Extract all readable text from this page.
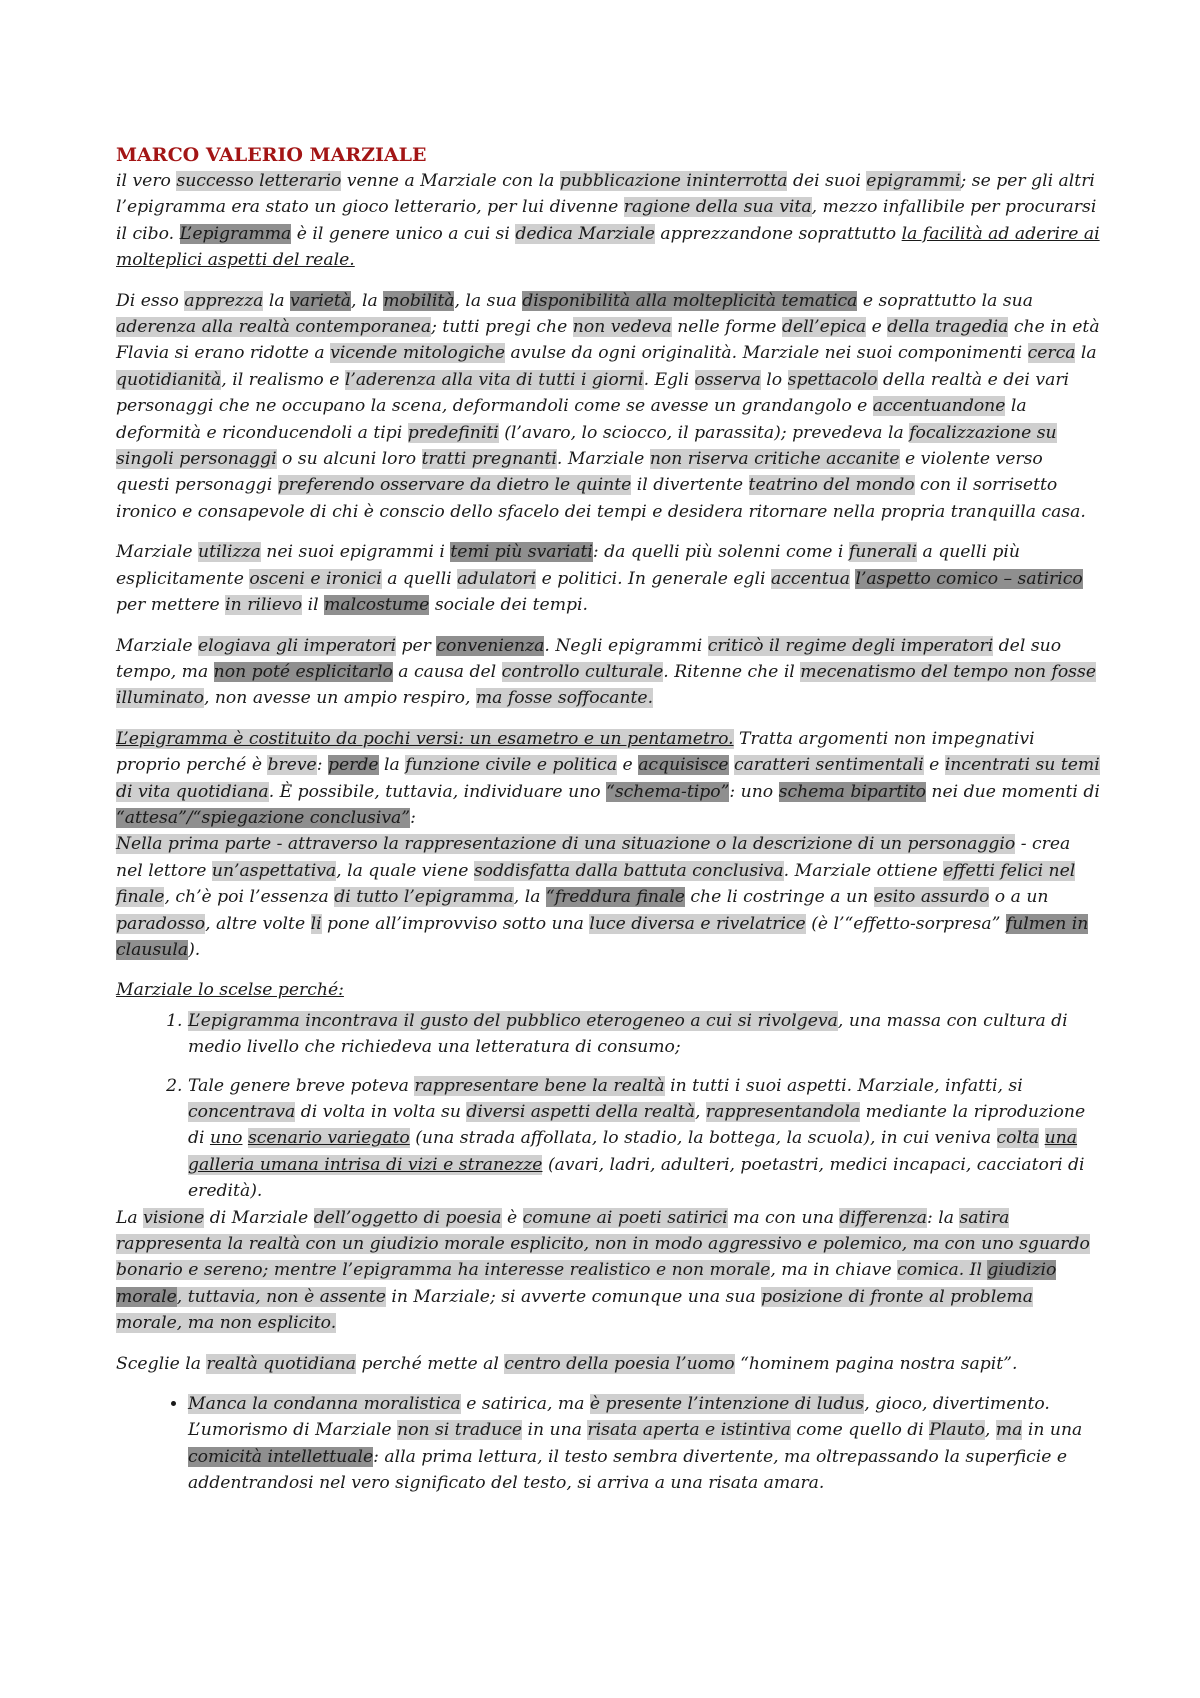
MARCO VALERIO MARZIALE

il vero successo letterario venne a Marziale con la pubblicazione ininterrotta dei suoi epigrammi; se per gli altri l’epigramma era stato un gioco letterario, per lui divenne ragione della sua vita, mezzo infallibile per procurarsi il cibo. L’epigramma è il genere unico a cui si dedica Marziale apprezzandone soprattutto la facilità ad aderire ai molteplici aspetti del reale.

Di esso apprezza la varietà, la mobilità, la sua disponibilità alla molteplicità tematica e soprattutto la sua aderenza alla realtà contemporanea; tutti pregi che non vedeva nelle forme dell’epica e della tragedia che in età Flavia si erano ridotte a vicende mitologiche avulse da ogni originalità. Marziale nei suoi componimenti cerca la quotidianità, il realismo e l’aderenza alla vita di tutti i giorni. Egli osserva lo spettacolo della realtà e dei vari personaggi che ne occupano la scena, deformandoli come se avesse un grandangolo e accentuandone la deformità e riconducendoli a tipi predefiniti (l’avaro, lo sciocco, il parassita); prevedeva la focalizzazione su singoli personaggi o su alcuni loro tratti pregnanti. Marziale non riserva critiche accanite e violente verso questi personaggi preferendo osservare da dietro le quinte il divertente teatrino del mondo con il sorrisetto ironico e consapevole di chi è conscio dello sfacelo dei tempi e desidera ritornare nella propria tranquilla casa.

Marziale utilizza nei suoi epigrammi i temi più svariati: da quelli più solenni come i funerali a quelli più esplicitamente osceni e ironici a quelli adulatori e politici. In generale egli accentua l’aspetto comico – satirico per mettere in rilievo il malcostume sociale dei tempi.

Marziale elogiava gli imperatori per convenienza. Negli epigrammi criticò il regime degli imperatori del suo tempo, ma non poté esplicitarlo a causa del controllo culturale. Ritenne che il mecenatismo del tempo non fosse illuminato, non avesse un ampio respiro, ma fosse soffocante.

L’epigramma è costituito da pochi versi: un esametro e un pentametro. Tratta argomenti non impegnativi proprio perché è breve: perde la funzione civile e politica e acquisisce caratteri sentimentali e incentrati su temi di vita quotidiana. È possibile, tuttavia, individuare uno “schema-tipo”: uno schema bipartito nei due momenti di “attesa”/“spiegazione conclusiva”:

Nella prima parte - attraverso la rappresentazione di una situazione o la descrizione di un personaggio - crea nel lettore un’aspettativa, la quale viene soddisfatta dalla battuta conclusiva. Marziale ottiene effetti felici nel finale, ch’è poi l’essenza di tutto l’epigramma, la “freddura finale che li costringe a un esito assurdo o a un paradosso, altre volte li pone all’improvviso sotto una luce diversa e rivelatrice (è l’“effetto-sorpresa” fulmen in clausula).

Marziale lo scelse perché:
1. L’epigramma incontrava il gusto del pubblico eterogeneo a cui si rivolgeva, una massa con cultura di medio livello che richiedeva una letteratura di consumo;
2. Tale genere breve poteva rappresentare bene la realtà in tutti i suoi aspetti. Marziale, infatti, si concentrava di volta in volta su diversi aspetti della realtà, rappresentandola mediante la riproduzione di uno scenario variegato (una strada affollata, lo stadio, la bottega, la scuola), in cui veniva colta una galleria umana intrisa di vizi e stranezze (avari, ladri, adulteri, poetastri, medici incapaci, cacciatori di eredità).

La visione di Marziale dell’oggetto di poesia è comune ai poeti satirici ma con una differenza: la satira rappresenta la realtà con un giudizio morale esplicito, non in modo aggressivo e polemico, ma con uno sguardo bonario e sereno; mentre l’epigramma ha interesse realistico e non morale, ma in chiave comica. Il giudizio morale, tuttavia, non è assente in Marziale; si avverte comunque una sua posizione di fronte al problema morale, ma non esplicito.

Sceglie la realtà quotidiana perché mette al centro della poesia l’uomo “hominem pagina nostra sapit”.

• Manca la condanna moralistica e satirica, ma è presente l’intenzione di ludus, gioco, divertimento. L’umorismo di Marziale non si traduce in una risata aperta e istintiva come quello di Plauto, ma in una comicità intellettuale: alla prima lettura, il testo sembra divertente, ma oltrepassando la superficie e addentrandosi nel vero significato del testo, si arriva a una risata amara.
